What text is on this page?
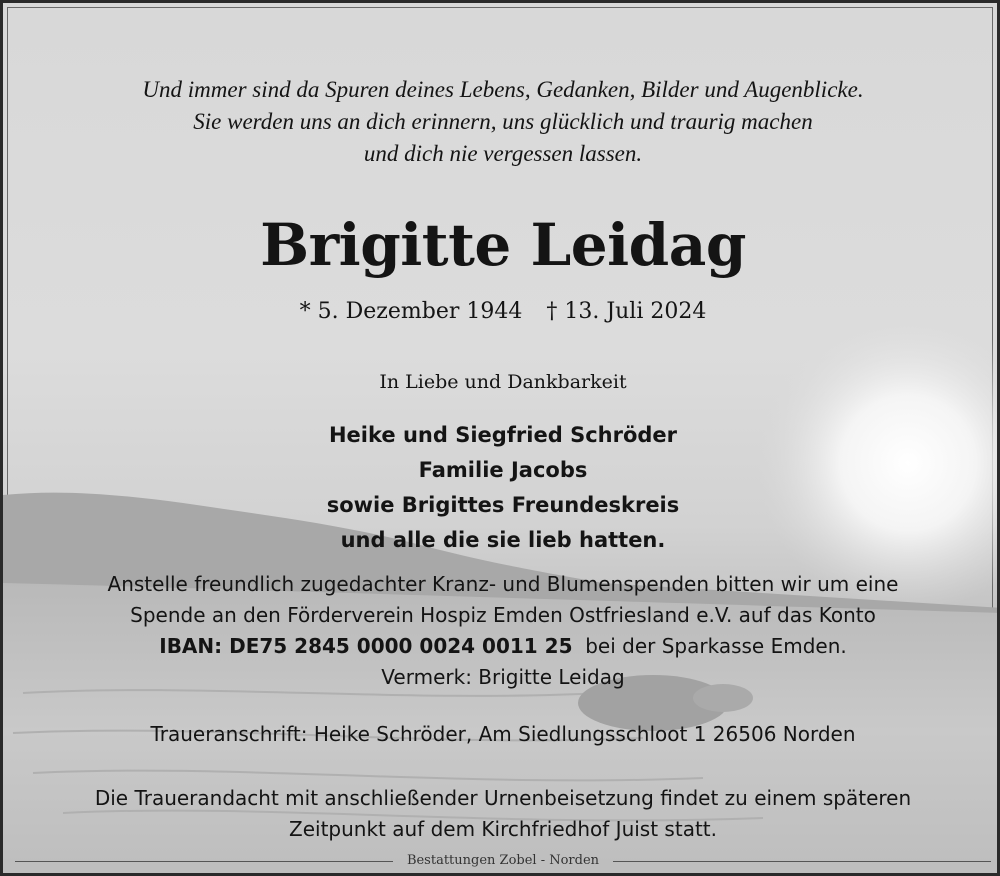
Und immer sind da Spuren deines Lebens, Gedanken, Bilder und Augenblicke.
Sie werden uns an dich erinnern, uns glücklich und traurig machen
und dich nie vergessen lassen.
Brigitte Leidag
* 5. Dezember 1944 † 13. Juli 2024
In Liebe und Dankbarkeit
Heike und Siegfried Schröder
Familie Jacobs
sowie Brigittes Freundeskreis
und alle die sie lieb hatten.
Anstelle freundlich zugedachter Kranz- und Blumenspenden bitten wir um eine
Spende an den Förderverein Hospiz Emden Ostfriesland e.V. auf das Konto
IBAN: DE75 2845 0000 0024 0011 25 bei der Sparkasse Emden.
Vermerk: Brigitte Leidag
Traueranschrift: Heike Schröder, Am Siedlungsschloot 1 26506 Norden
Die Trauerandacht mit anschließender Urnenbeisetzung findet zu einem späteren
Zeitpunkt auf dem Kirchfriedhof Juist statt.
Bestattungen Zobel - Norden
